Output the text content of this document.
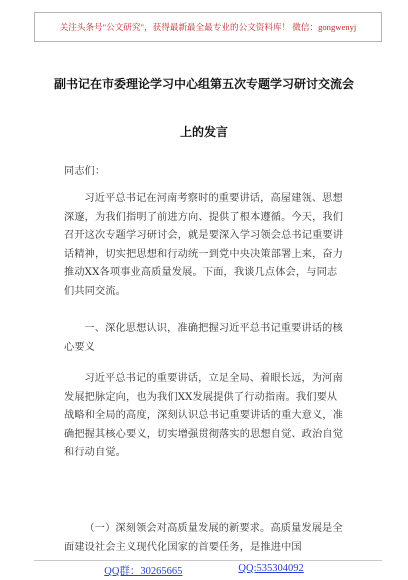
关注头条号"公文研究"，获得最新最全最专业的公文资料库！ 微信：gongwenyj
副书记在市委理论学习中心组第五次专题学习研讨交流会
上的发言
同志们：
习近平总书记在河南考察时的重要讲话，高屋建瓴、思想深邃，为我们指明了前进方向、提供了根本遵循。今天，我们召开这次专题学习研讨会，就是要深入学习领会总书记重要讲话精神，切实把思想和行动统一到党中央决策部署上来，奋力推动XX各项事业高质量发展。下面，我谈几点体会，与同志们共同交流。
一、深化思想认识，准确把握习近平总书记重要讲话的核心要义
习近平总书记的重要讲话，立足全局、着眼长远，为河南发展把脉定向，也为我们XX发展提供了行动指南。我们要从战略和全局的高度，深刻认识总书记重要讲话的重大意义，准确把握其核心要义，切实增强贯彻落实的思想自觉、政治自觉和行动自觉。
（一）深刻领会对高质量发展的新要求。高质量发展是全面建设社会主义现代化国家的首要任务，是推进中国
QQ群：30265665	QQ:535304092
